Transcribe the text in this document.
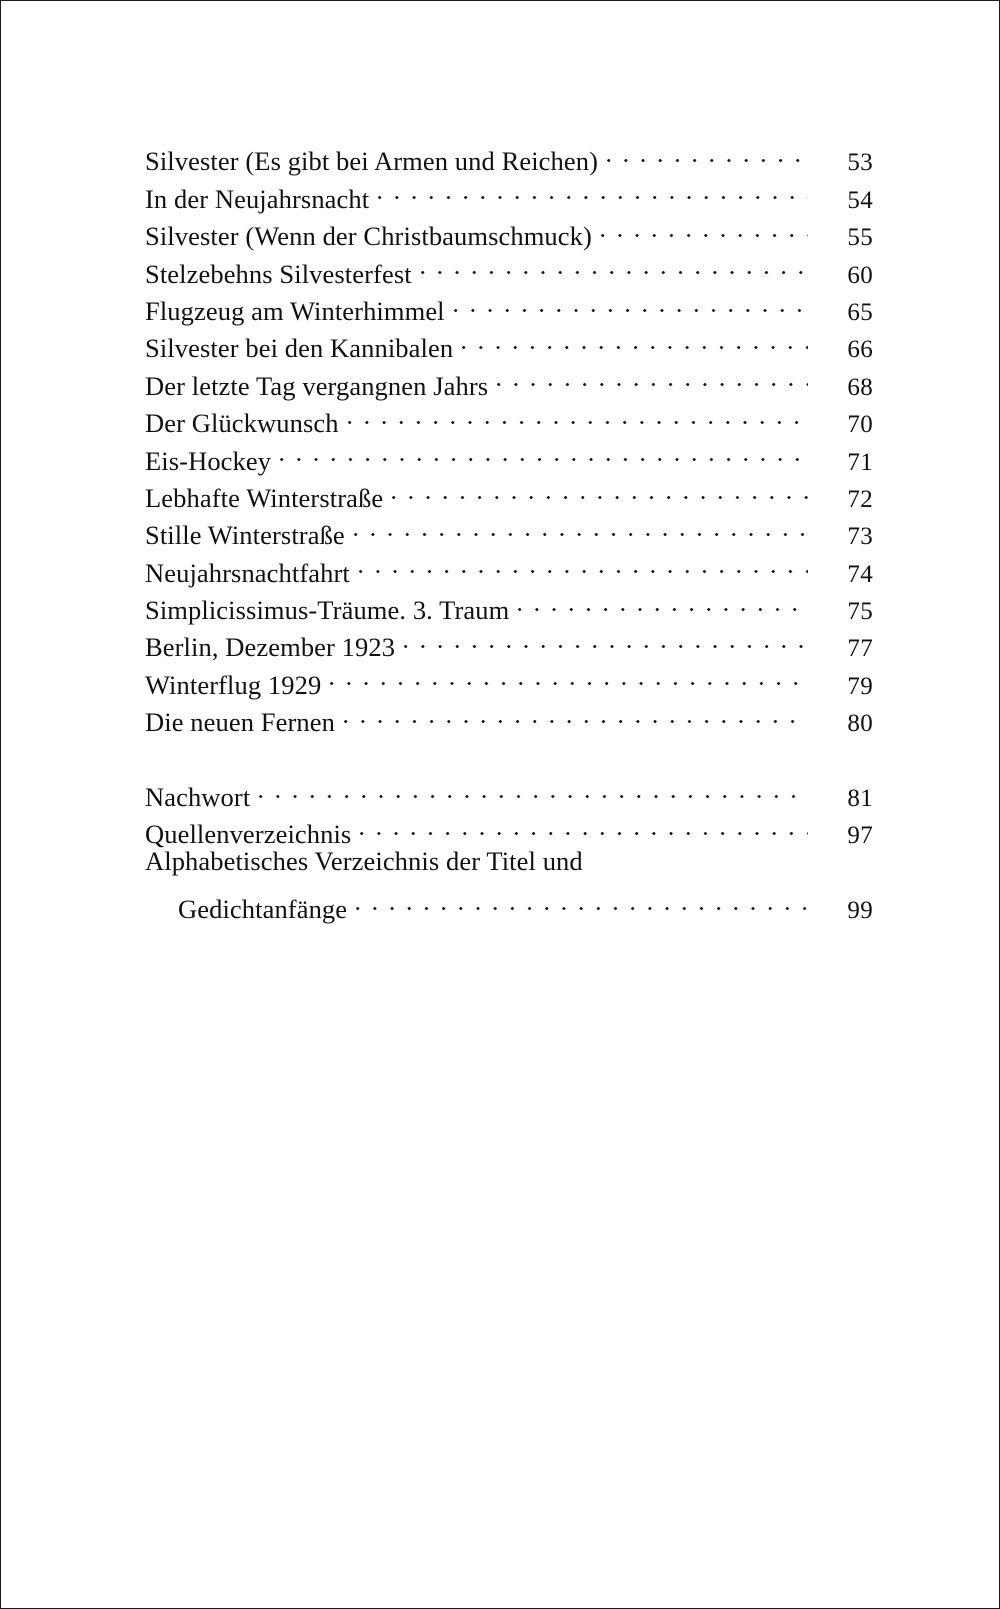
Silvester (Es gibt bei Armen und Reichen)	53
In der Neujahrsnacht	54
Silvester (Wenn der Christbaumschmuck)	55
Stelzebehns Silvesterfest	60
Flugzeug am Winterhimmel	65
Silvester bei den Kannibalen	66
Der letzte Tag vergangnen Jahrs	68
Der Glückwunsch	70
Eis-Hockey	71
Lebhafte Winterstraße	72
Stille Winterstraße	73
Neujahrsnachtfahrt	74
Simplicissimus-Träume. 3. Traum	75
Berlin, Dezember 1923	77
Winterflug 1929	79
Die neuen Fernen	80
Nachwort	81
Quellenverzeichnis	97
Alphabetisches Verzeichnis der Titel und
Gedichtanfänge	99
